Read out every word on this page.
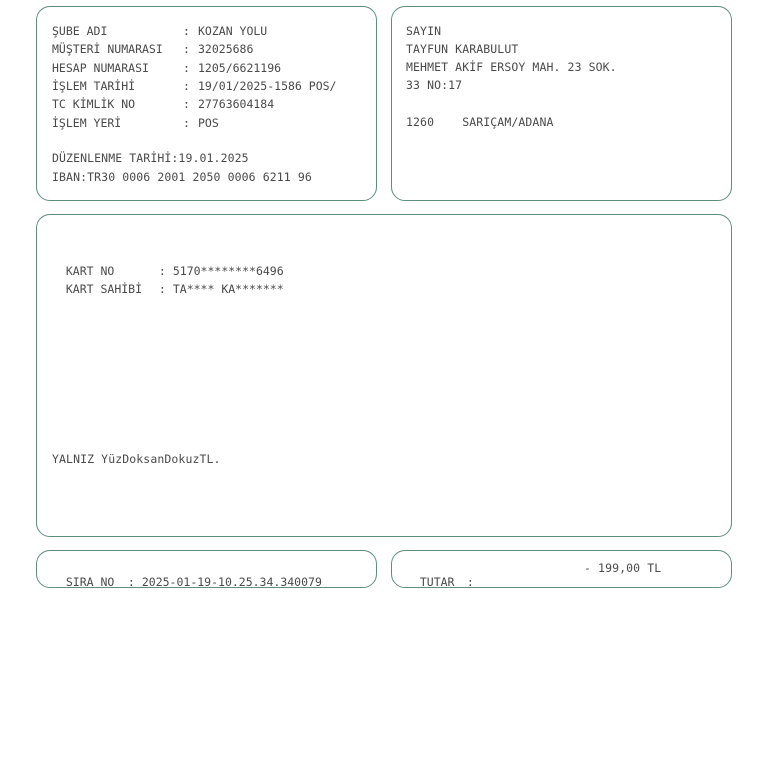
ŞUBE ADI	: KOZAN YOLU
MÜŞTERİ NUMARASI : 32025686
HESAP NUMARASI	: 1205/6621196
İŞLEM TARİHİ	: 19/01/2025-1586 POS/
TC KİMLİK NO	: 27763604184
İŞLEM YERİ	: POS
DÜZENLENME TARİHİ:19.01.2025
IBAN:TR30 0006 2001 2050 0006 6211 96
SAYIN
TAYFUN KARABULUT
MEHMET AKİF ERSOY MAH. 23 SOK.
33 NO:17
1260    SARIÇAM/ADANA

KART NO	: 5170********6496

KART SAHİBİ : TA**** KA*******

YALNIZ YüzDoksanDokuzTL.

SIRA NO : 2025-01-19-10.25.34.340079	TUTAR :

- 199,00 TL
